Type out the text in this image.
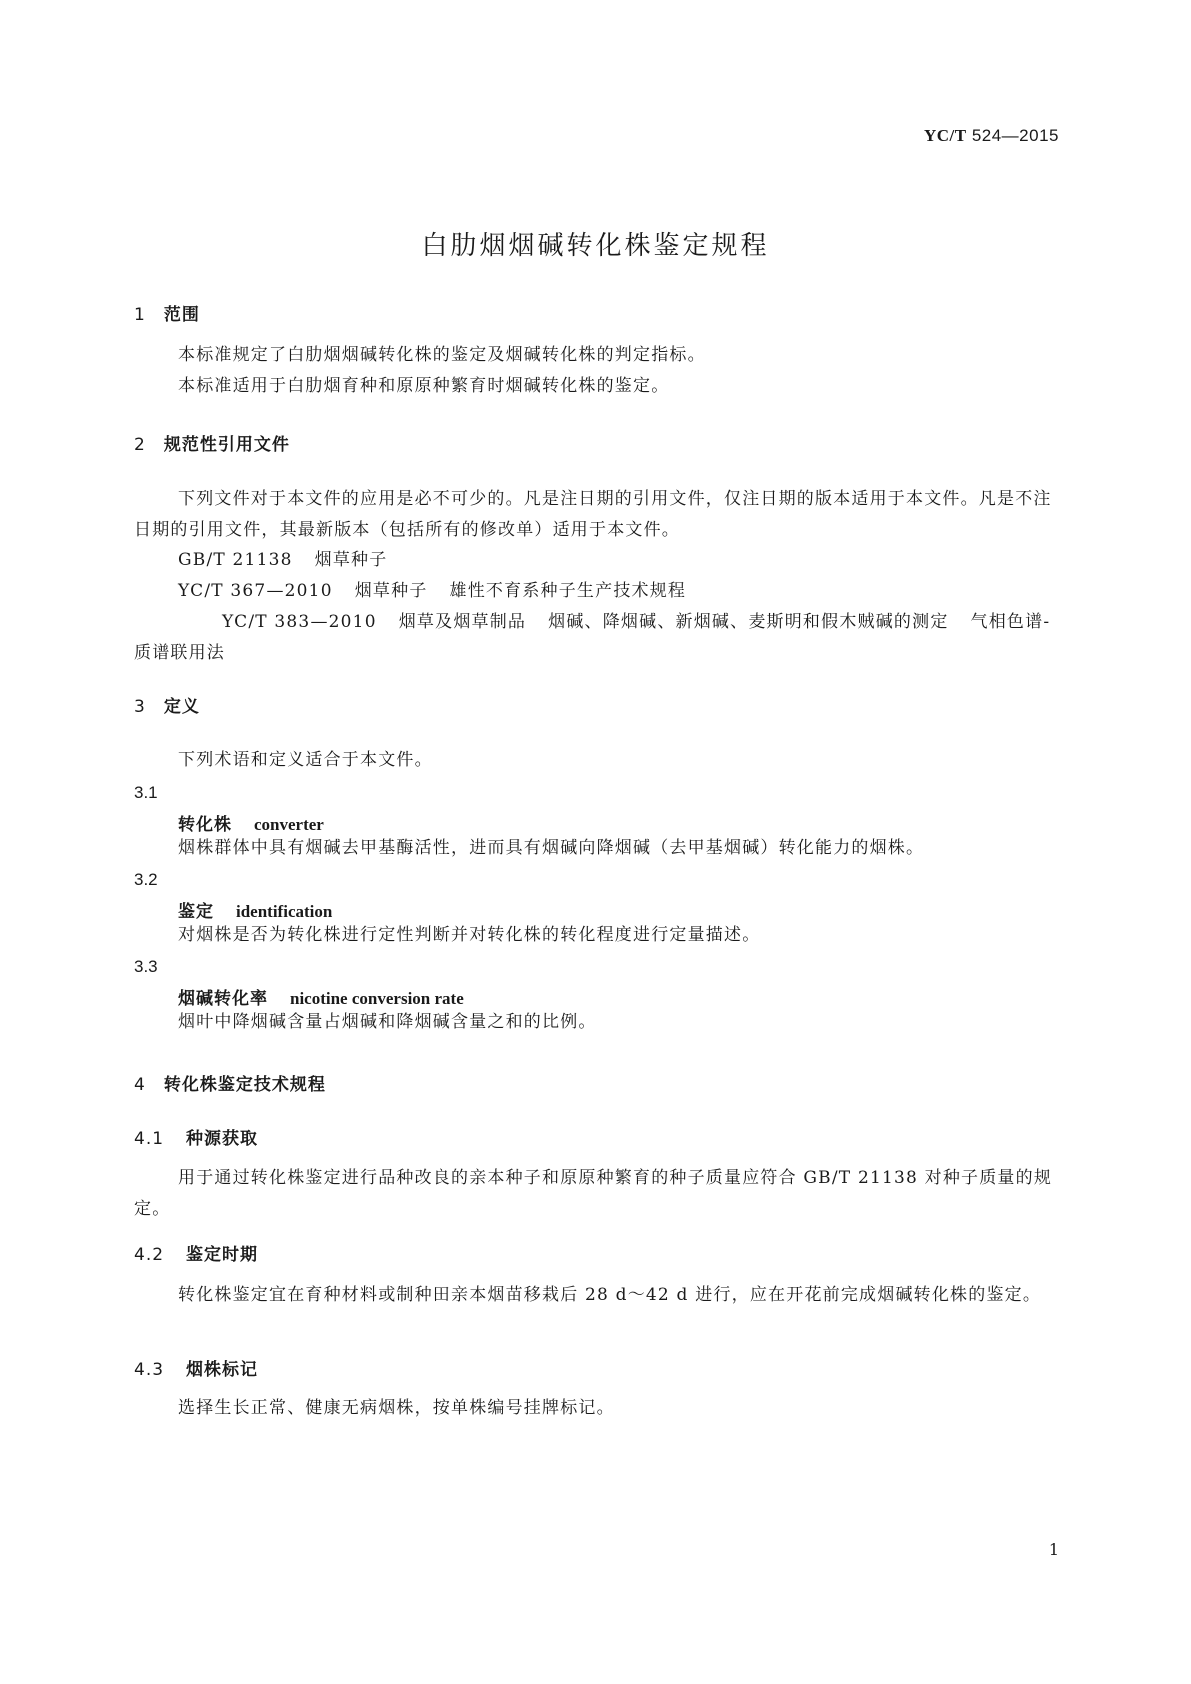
YC/T 524—2015
白肋烟烟碱转化株鉴定规程
1 范围

本标准规定了白肋烟烟碱转化株的鉴定及烟碱转化株的判定指标。

本标准适用于白肋烟育种和原原种繁育时烟碱转化株的鉴定。

2 规范性引用文件

下列文件对于本文件的应用是必不可少的。凡是注日期的引用文件，仅注日期的版本适用于本文件。凡是不注日期的引用文件，其最新版本（包括所有的修改单）适用于本文件。

GB/T 21138 烟草种子

YC/T 367—2010 烟草种子 雄性不育系种子生产技术规程

YC/T 383—2010 烟草及烟草制品 烟碱、降烟碱、新烟碱、麦斯明和假木贼碱的测定 气相色谱-质谱联用法

3 定义

下列术语和定义适合于本文件。

3.1

转化株 converter

烟株群体中具有烟碱去甲基酶活性，进而具有烟碱向降烟碱（去甲基烟碱）转化能力的烟株。

3.2

鉴定 identification

对烟株是否为转化株进行定性判断并对转化株的转化程度进行定量描述。

3.3

烟碱转化率 nicotine conversion rate

烟叶中降烟碱含量占烟碱和降烟碱含量之和的比例。

4 转化株鉴定技术规程
4.1 种源获取

用于通过转化株鉴定进行品种改良的亲本种子和原原种繁育的种子质量应符合 GB/T 21138 对种子质量的规定。

4.2 鉴定时期

转化株鉴定宜在育种材料或制种田亲本烟苗移栽后 28 d～42 d 进行，应在开花前完成烟碱转化株的鉴定。

4.3 烟株标记

选择生长正常、健康无病烟株，按单株编号挂牌标记。

1
